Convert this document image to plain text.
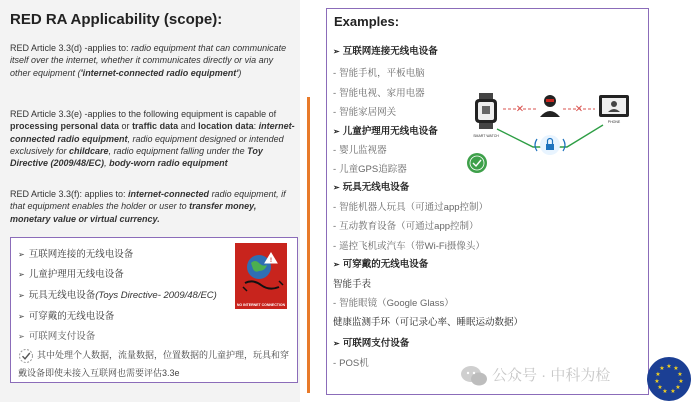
RED RA Applicability (scope):
RED Article 3.3(d) -applies to: radio equipment that can communicate itself over the internet, whether it communicates directly or via any other equipment ('internet-connected radio equipment')
RED Article 3.3(e) -applies to the following equipment is capable of processing personal data or traffic data and location data: internet-connected radio equipment, radio equipment designed or intended exclusively for childcare, radio equipment falling under the Toy Directive (2009/48/EC), body-worn radio equipment
RED Article 3.3(f): applies to: internet-connected radio equipment, if that equipment enables the holder or user to transfer money, monetary value or virtual currency.
➢ 互联网连接的无线电设备
➢ 儿童护理用无线电设备
➢ 玩具无线电设备(Toys Directive- 2009/48/EC)
➢ 可穿戴的无线电设备
➢ 可联网支付设备
其中处理个人数据，流量数据，位置数据的儿童护理，玩具和穿戴设备即使未接入互联网也需要评估3.3e
!
NO INTERNET CONNECTION
Examples:
➢ 互联网连接无线电设备
- 智能手机，平板电脑
- 智能电视、家用电器
- 智能家居网关
➢ 儿童护理用无线电设备
- 婴儿监视器
- 儿童GPS追踪器
➢ 玩具无线电设备
- 智能机器人玩具（可通过app控制）
- 互动教育设备（可通过app控制）
- 遥控飞机或汽车（带Wi-Fi摄像头）
➢ 可穿戴的无线电设备
智能手表
- 智能眼镜（Google Glass）
健康监测手环（可记录心率、睡眠运动数据）
➢ 可联网支付设备
- POS机
SMART WATCH
PHONE
✕	✕
公众号 · 中科为检
★ ★
★
★
★
★
★
★
★
★
★
